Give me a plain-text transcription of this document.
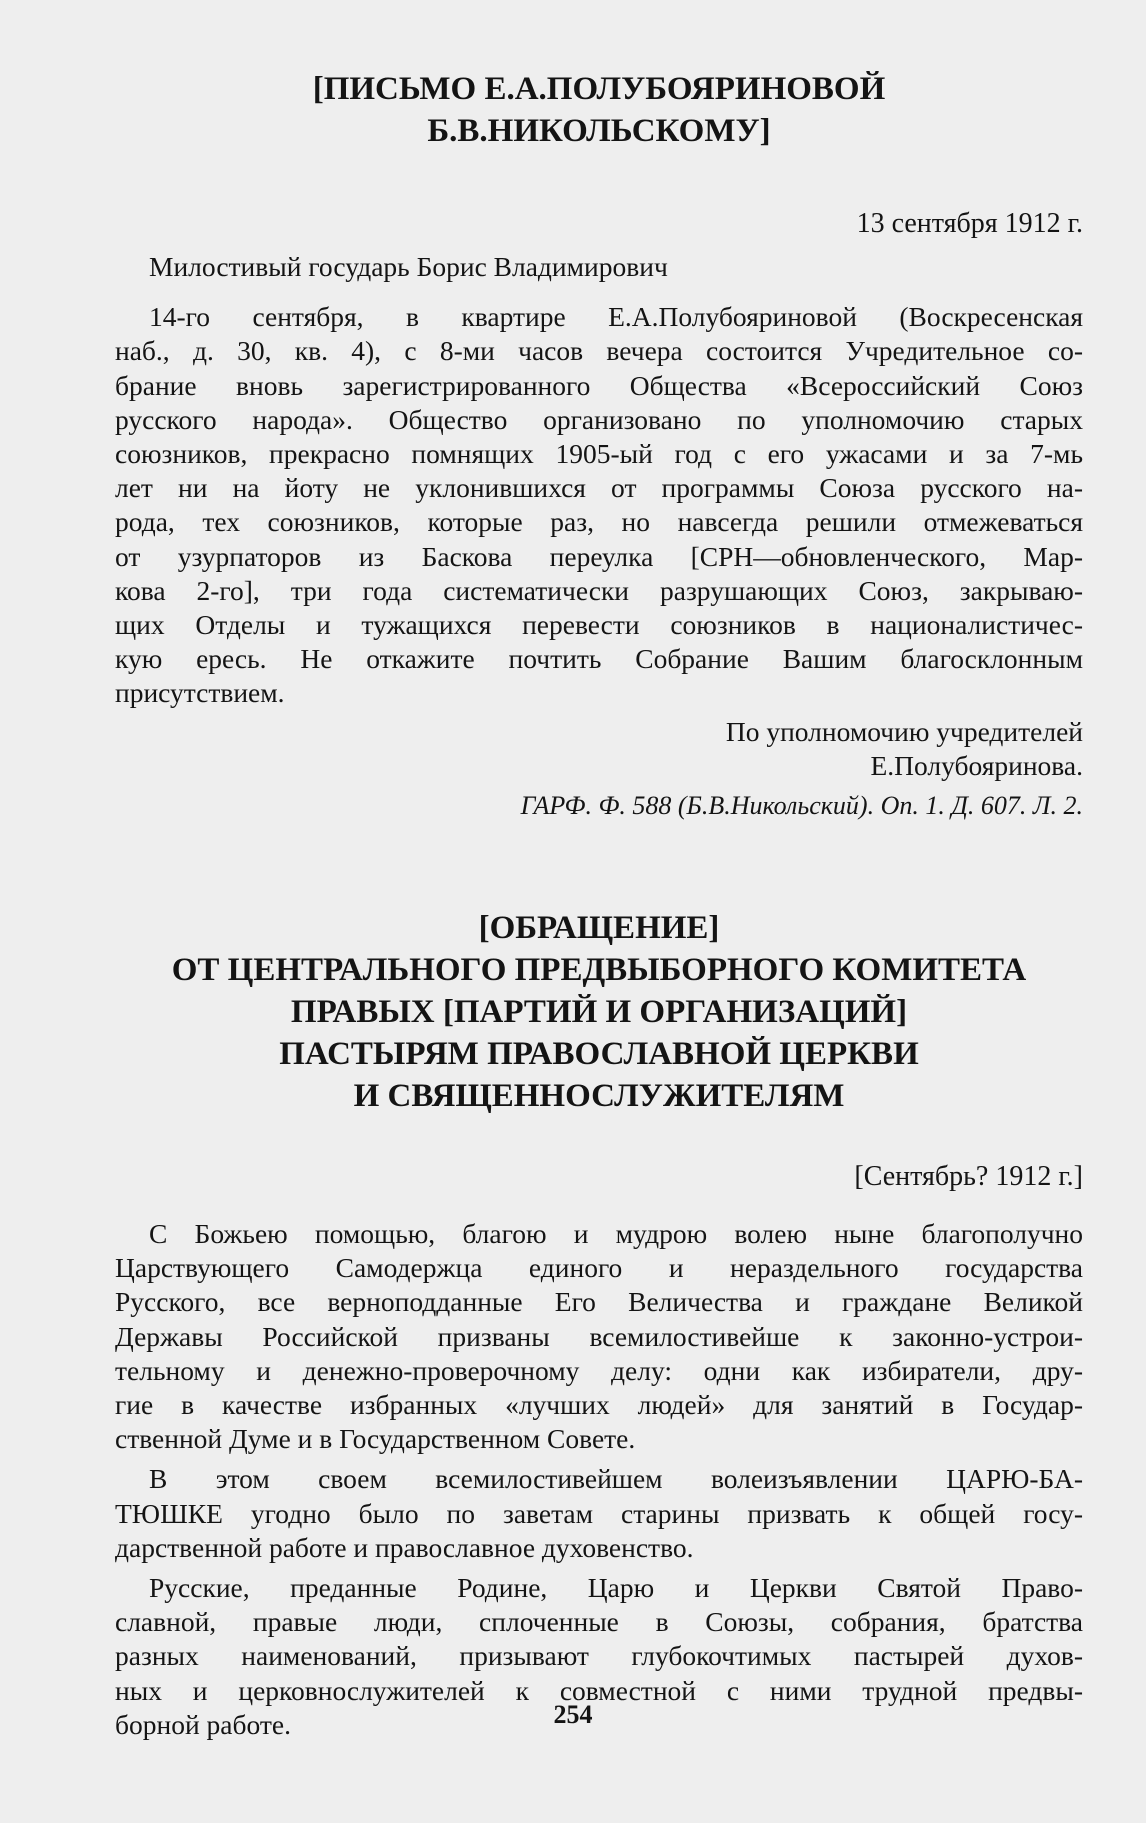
[ПИСЬМО Е.А.ПОЛУБОЯРИНОВОЙ
Б.В.НИКОЛЬСКОМУ]
13 сентября 1912 г.
Милостивый государь Борис Владимирович
14-го сентября, в квартире Е.А.Полубояриновой (Воскресенская
наб., д. 30, кв. 4), с 8-ми часов вечера состоится Учредительное со-
брание вновь зарегистрированного Общества «Всероссийский Союз
русского народа». Общество организовано по уполномочию старых
союзников, прекрасно помнящих 1905-ый год с его ужасами и за 7-мь
лет ни на йоту не уклонившихся от программы Союза русского на-
рода, тех союзников, которые раз, но навсегда решили отмежеваться
от узурпаторов из Баскова переулка [СРН—обновленческого, Мар-
кова 2-го], три года систематически разрушающих Союз, закрываю-
щих Отделы и тужащихся перевести союзников в националистичес-
кую ересь. Не откажите почтить Собрание Вашим благосклонным
присутствием.
По уполномочию учредителей
Е.Полубояринова.
ГАРФ. Ф. 588 (Б.В.Никольский). Оп. 1. Д. 607. Л. 2.
[ОБРАЩЕНИЕ]
ОТ ЦЕНТРАЛЬНОГО ПРЕДВЫБОРНОГО КОМИТЕТА
ПРАВЫХ [ПАРТИЙ И ОРГАНИЗАЦИЙ]
ПАСТЫРЯМ ПРАВОСЛАВНОЙ ЦЕРКВИ
И СВЯЩЕННОСЛУЖИТЕЛЯМ
[Сентябрь? 1912 г.]
С Божьею помощью, благою и мудрою волею ныне благополучно
Царствующего Самодержца единого и нераздельного государства
Русского, все верноподданные Его Величества и граждане Великой
Державы Российской призваны всемилостивейше к законно-устрои-
тельному и денежно-проверочному делу: одни как избиратели, дру-
гие в качестве избранных «лучших людей» для занятий в Государ-
ственной Думе и в Государственном Совете.
В этом своем всемилостивейшем волеизъявлении ЦАРЮ-БА-
ТЮШКЕ угодно было по заветам старины призвать к общей госу-
дарственной работе и православное духовенство.
Русские, преданные Родине, Царю и Церкви Святой Право-
славной, правые люди, сплоченные в Союзы, собрания, братства
разных наименований, призывают глубокочтимых пастырей духов-
ных и церковнослужителей к совместной с ними трудной предвы-
борной работе.	254
